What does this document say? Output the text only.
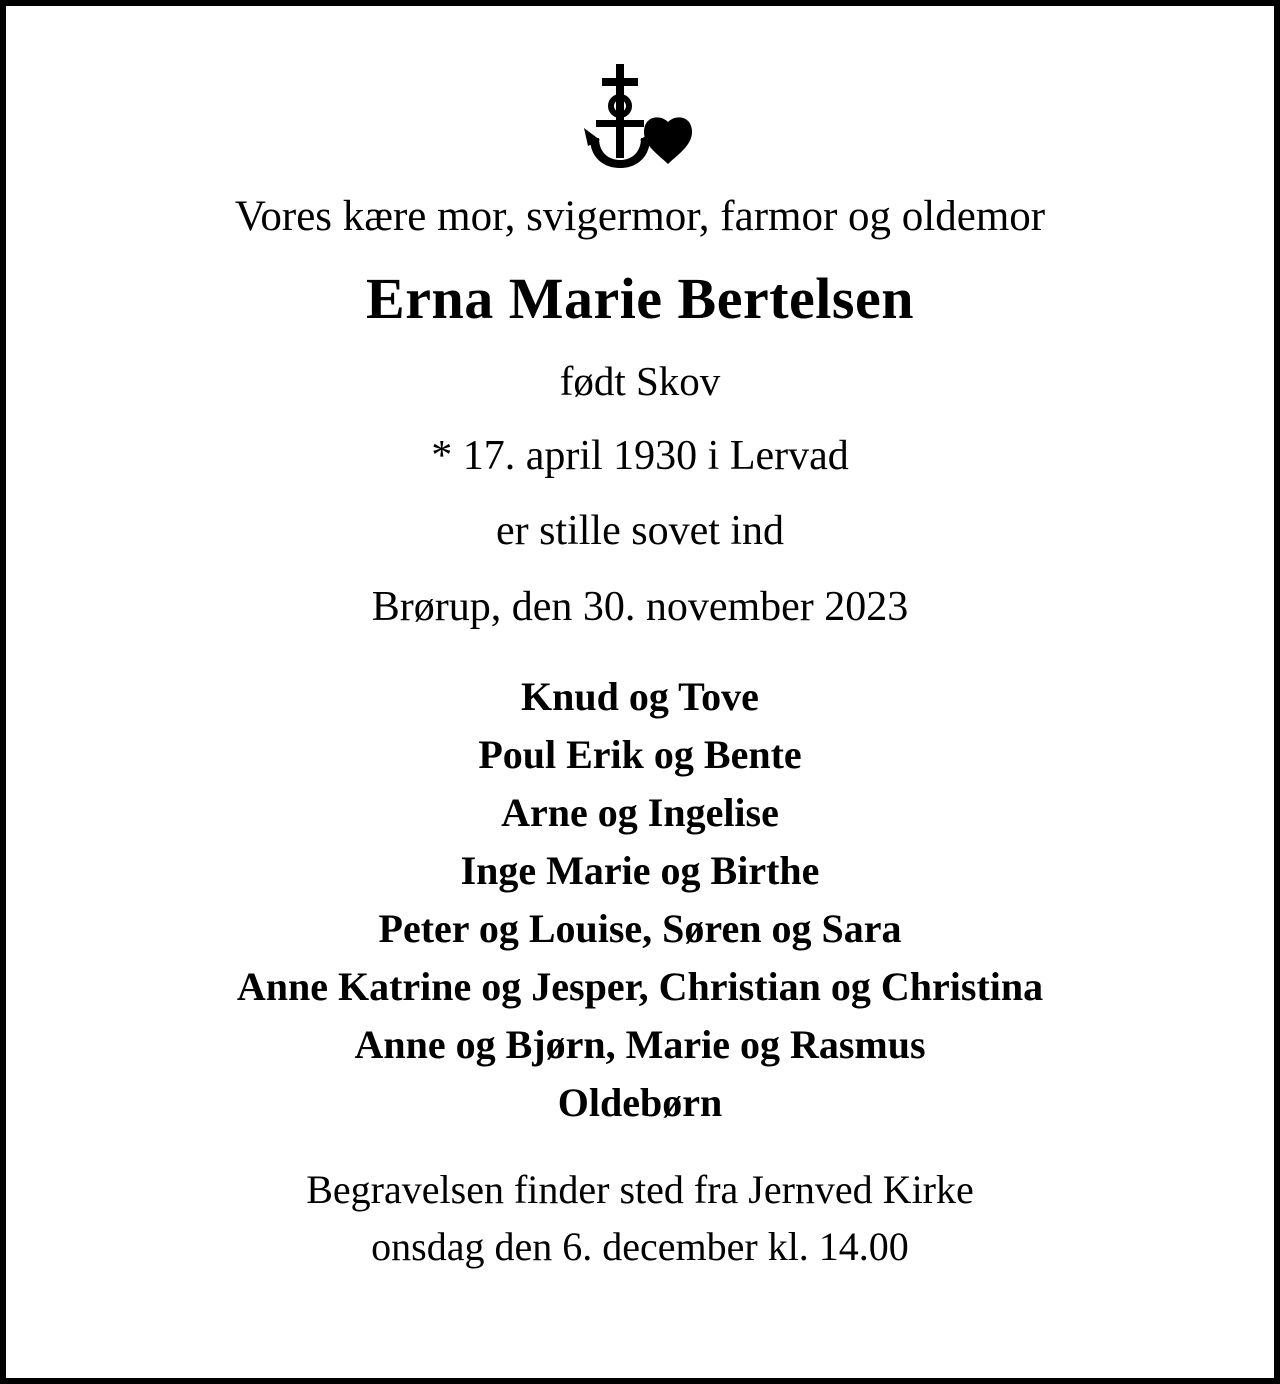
Vores kære mor, svigermor, farmor og oldemor
Erna Marie Bertelsen
født Skov
* 17. april 1930 i Lervad
er stille sovet ind
Brørup, den 30. november 2023
Knud og Tove
Poul Erik og Bente
Arne og Ingelise
Inge Marie og Birthe
Peter og Louise, Søren og Sara
Anne Katrine og Jesper, Christian og Christina
Anne og Bjørn, Marie og Rasmus
Oldebørn
Begravelsen finder sted fra Jernved Kirke
onsdag den 6. december kl. 14.00
